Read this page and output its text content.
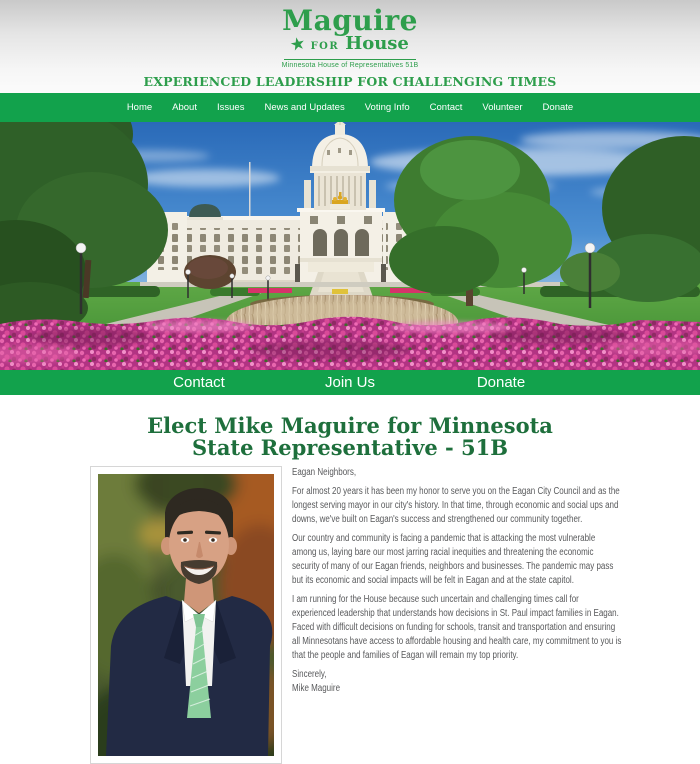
Maguire
★ FOR House
Minnesota House of Representatives 51B
EXPERIENCED LEADERSHIP FOR CHALLENGING TIMES
Home About Issues News and Updates Voting Info Contact Volunteer Donate
Contact	Join Us	Donate
Elect Mike Maguire for Minnesota
State Representative - 51B

Eagan Neighbors,

For almost 20 years it has been my honor to serve you on the Eagan City Council and as the longest serving mayor in our city's history. In that time, through economic and social ups and downs, we've built on Eagan's success and strengthened our community together.

Our country and community is facing a pandemic that is attacking the most vulnerable among us, laying bare our most jarring racial inequities and threatening the economic security of many of our Eagan friends, neighbors and businesses. The pandemic may pass but its economic and social impacts will be felt in Eagan and at the state capitol.

I am running for the House because such uncertain and challenging times call for experienced leadership that understands how decisions in St. Paul impact families in Eagan. Faced with difficult decisions on funding for schools, transit and transportation and ensuring all Minnesotans have access to affordable housing and health care, my commitment to you is that the people and families of Eagan will remain my top priority.

Sincerely,

Mike Maguire
